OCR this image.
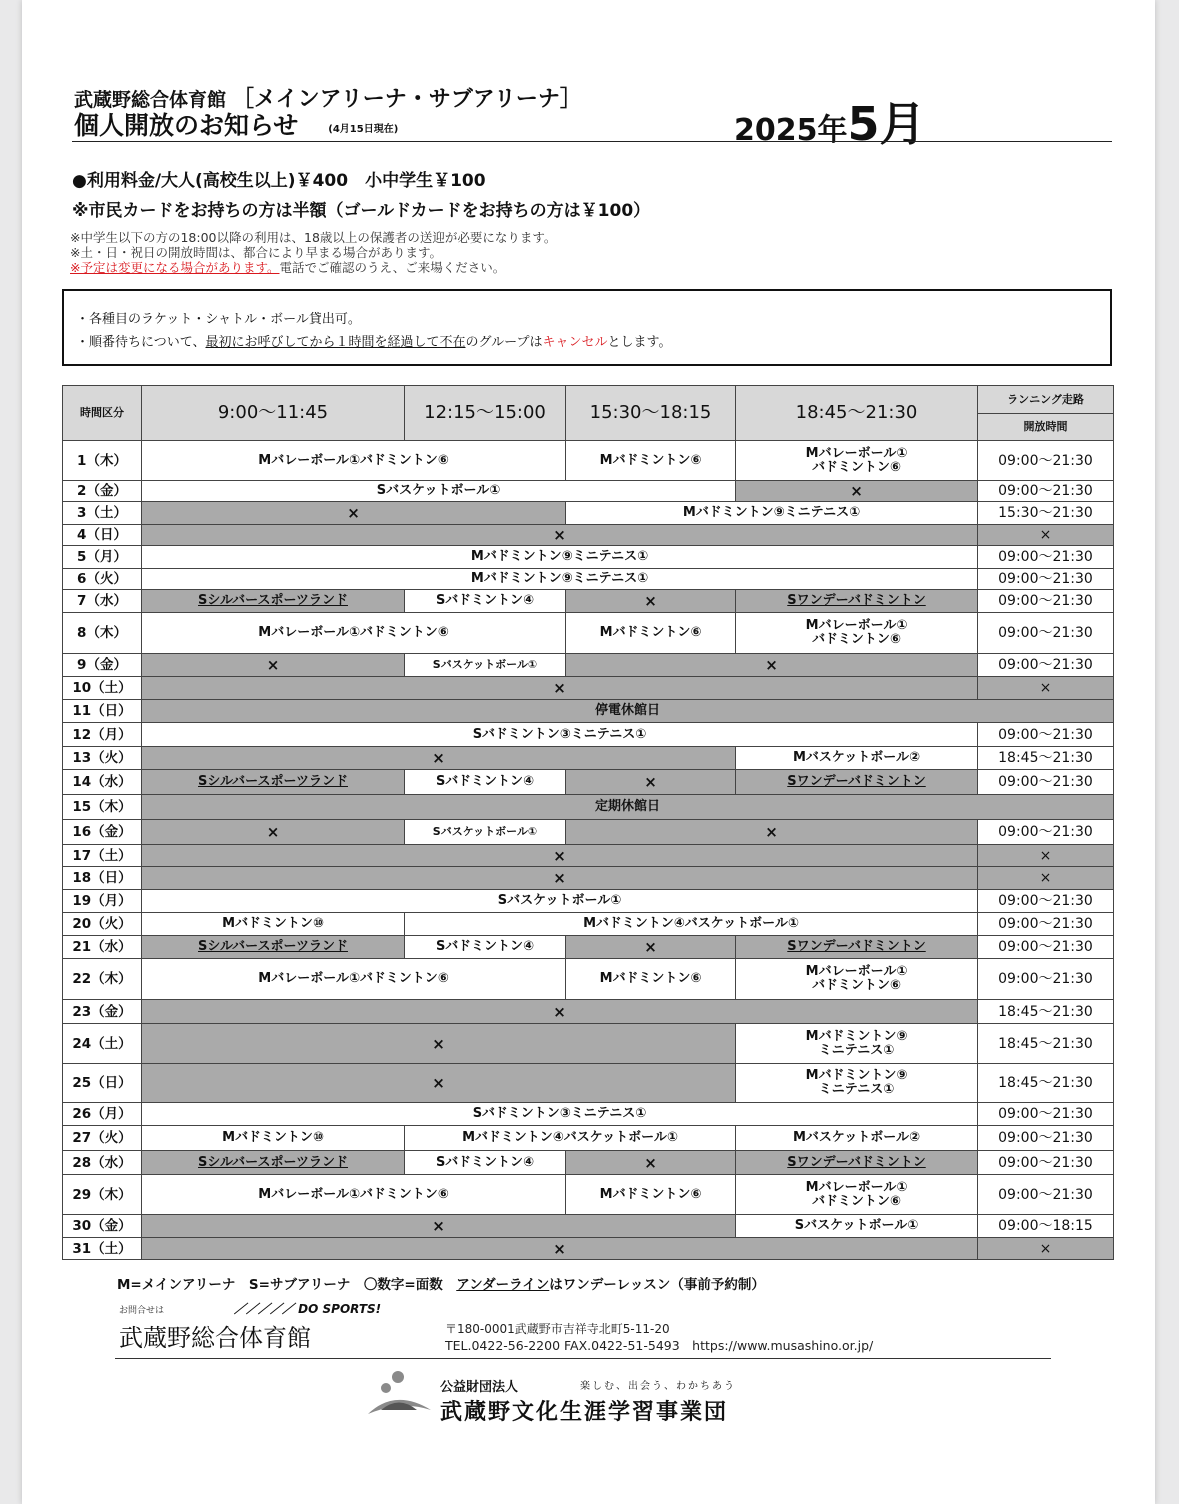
武蔵野総合体育館 ［メインアリーナ・サブアリーナ］
個人開放のお知らせ	(4月15日現在)	2025年5月
●利用料金/大人(高校生以上)￥400　小中学生￥100
※市民カードをお持ちの方は半額（ゴールドカードをお持ちの方は￥100）
※中学生以下の方の18:00以降の利用は、18歳以上の保護者の送迎が必要になります。
※土・日・祝日の開放時間は、都合により早まる場合があります。
※予定は変更になる場合があります。電話でご確認のうえ、ご来場ください。
・各種目のラケット・シャトル・ボール貸出可。
・順番待ちについて、最初にお呼びしてから１時間を経過して不在のグループはキャンセルとします。
時間区分	9:00～11:45	12:15～15:00	15:30～18:15	18:45～21:30	ランニング走路
					開放時間
1（木）	Mバレーボール①バドミントン⑥		Mバドミントン⑥	Mバレーボール①
バドミントン⑥	09:00～21:30
2（金）	Sバスケットボール①			×	09:00～21:30
3（土）	×		Mバドミントン⑨ミニテニス①		15:30～21:30
4（日）	×				×
5（月）	Mバドミントン⑨ミニテニス①				09:00～21:30
6（火）	Mバドミントン⑨ミニテニス①				09:00～21:30
7（水）	Sシルバースポーツランド	Sバドミントン④	×	Sワンデーバドミントン	09:00～21:30
8（木）	Mバレーボール①バドミントン⑥		Mバドミントン⑥	Mバレーボール①
バドミントン⑥	09:00～21:30
9（金）	×	Sバスケットボール①	×		09:00～21:30
10（土）	×				×
11（日）	停電休館日				
12（月）	Sバドミントン③ミニテニス①				09:00～21:30
13（火）	×			Mバスケットボール②	18:45～21:30
14（水）	Sシルバースポーツランド	Sバドミントン④	×	Sワンデーバドミントン	09:00～21:30
15（木）	定期休館日				
16（金）	×	Sバスケットボール①	×		09:00～21:30
17（土）	×				×
18（日）	×				×
19（月）	Sバスケットボール①				09:00～21:30
20（火）	Mバドミントン⑩	Mバドミントン④バスケットボール①			09:00～21:30
21（水）	Sシルバースポーツランド	Sバドミントン④	×	Sワンデーバドミントン	09:00～21:30
22（木）	Mバレーボール①バドミントン⑥		Mバドミントン⑥	Mバレーボール①
バドミントン⑥	09:00～21:30
23（金）	×				18:45～21:30
24（土）	×			Mバドミントン⑨
ミニテニス①	18:45～21:30
25（日）	×			Mバドミントン⑨
ミニテニス①	18:45～21:30
26（月）	Sバドミントン③ミニテニス①				09:00～21:30
27（火）	Mバドミントン⑩	Mバドミントン④バスケットボール①		Mバスケットボール②	09:00～21:30
28（水）	Sシルバースポーツランド	Sバドミントン④	×	Sワンデーバドミントン	09:00～21:30
29（木）	Mバレーボール①バドミントン⑥		Mバドミントン⑥	Mバレーボール①
バドミントン⑥	09:00～21:30
30（金）	×			Sバスケットボール①	09:00～18:15
31（土）	×				×
M=メインアリーナ　S=サブアリーナ　〇数字=面数　アンダーラインはワンデーレッスン（事前予約制）
お問合せは	／／／／／ DO SPORTS!
武蔵野総合体育館	〒180-0001武蔵野市吉祥寺北町5-11-20
TEL.0422-56-2200 FAX.0422-51-5493　https://www.musashino.or.jp/
公益財団法人	楽しむ、出会う、わかちあう
武蔵野文化生涯学習事業団
